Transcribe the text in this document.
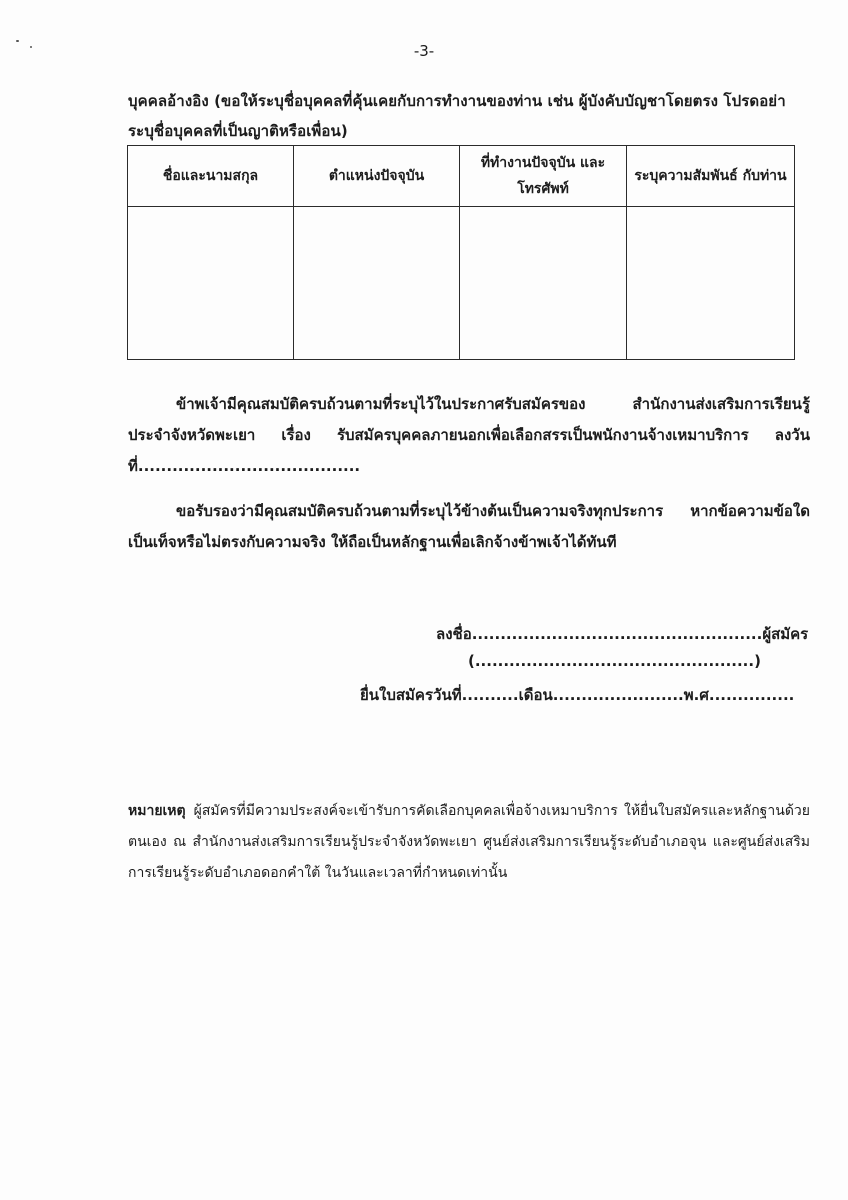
-3-
บุคคลอ้างอิง (ขอให้ระบุชื่อบุคคลที่คุ้นเคยกับการทำงานของท่าน เช่น ผู้บังคับบัญชาโดยตรง โปรดอย่าระบุชื่อบุคคลที่เป็นญาติหรือเพื่อน)
ชื่อและนามสกุล	ตำแหน่งปัจจุบัน	ที่ทำงานปัจจุบัน และโทรศัพท์	ระบุความสัมพันธ์ กับท่าน

ข้าพเจ้ามีคุณสมบัติครบถ้วนตามที่ระบุไว้ในประกาศรับสมัครของ สำนักงานส่งเสริมการเรียนรู้ประจำจังหวัดพะเยา เรื่อง รับสมัครบุคคลภายนอกเพื่อเลือกสรรเป็นพนักงานจ้างเหมาบริการ ลงวันที่.......................................
ขอรับรองว่ามีคุณสมบัติครบถ้วนตามที่ระบุไว้ข้างต้นเป็นความจริงทุกประการ หากข้อความข้อใดเป็นเท็จหรือไม่ตรงกับความจริง ให้ถือเป็นหลักฐานเพื่อเลิกจ้างข้าพเจ้าได้ทันที
ลงชื่อ...................................................ผู้สมัคร
(.................................................)
ยื่นใบสมัครวันที่..........เดือน.......................พ.ศ...............
หมายเหตุ ผู้สมัครที่มีความประสงค์จะเข้ารับการคัดเลือกบุคคลเพื่อจ้างเหมาบริการ ให้ยื่นใบสมัครและหลักฐานด้วยตนเอง ณ สำนักงานส่งเสริมการเรียนรู้ประจำจังหวัดพะเยา ศูนย์ส่งเสริมการเรียนรู้ระดับอำเภอจุน และศูนย์ส่งเสริมการเรียนรู้ระดับอำเภอดอกคำใต้ ในวันและเวลาที่กำหนดเท่านั้น
